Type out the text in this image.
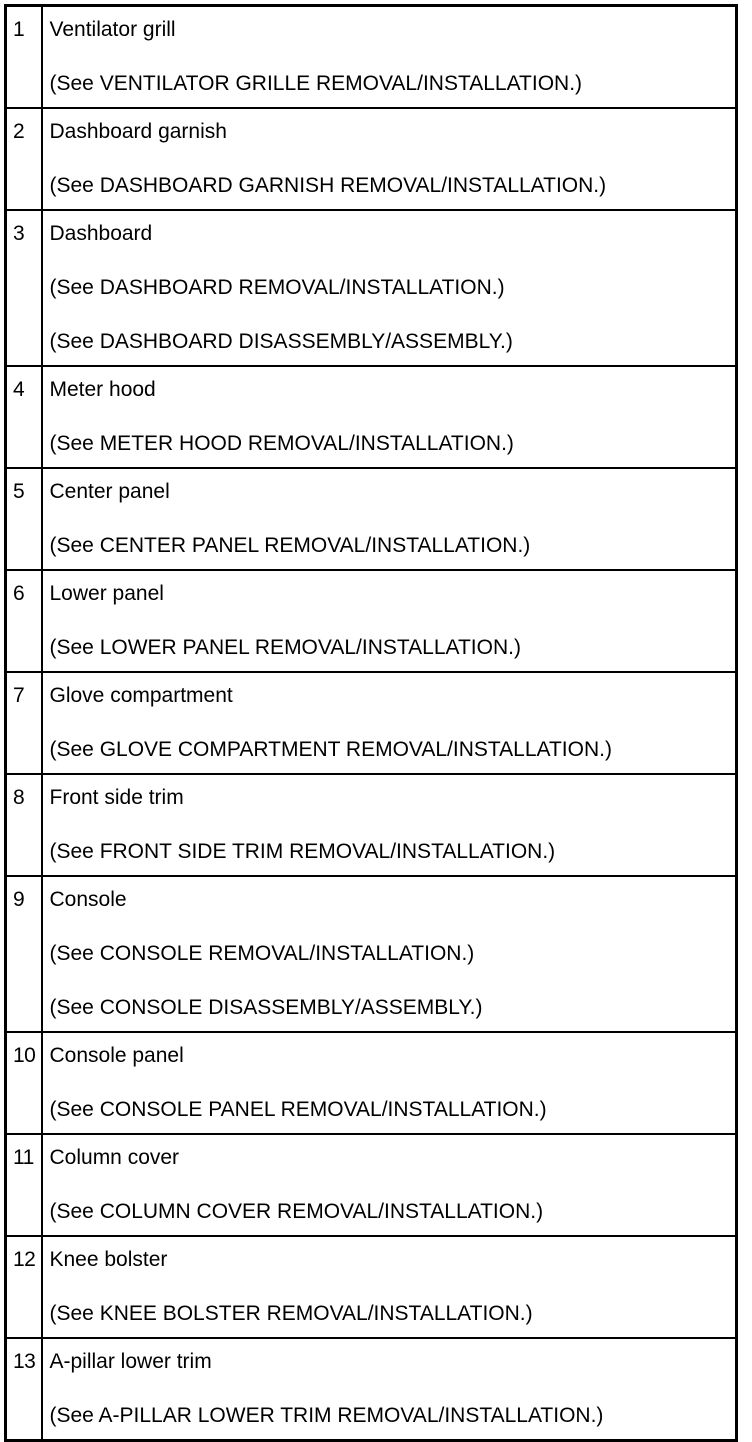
1	Ventilator grill
(See VENTILATOR GRILLE REMOVAL/INSTALLATION.)

2	Dashboard garnish
(See DASHBOARD GARNISH REMOVAL/INSTALLATION.)

3	Dashboard
(See DASHBOARD REMOVAL/INSTALLATION.)
(See DASHBOARD DISASSEMBLY/ASSEMBLY.)

4	Meter hood
(See METER HOOD REMOVAL/INSTALLATION.)

5	Center panel
(See CENTER PANEL REMOVAL/INSTALLATION.)

6	Lower panel
(See LOWER PANEL REMOVAL/INSTALLATION.)

7	Glove compartment
(See GLOVE COMPARTMENT REMOVAL/INSTALLATION.)

8	Front side trim
(See FRONT SIDE TRIM REMOVAL/INSTALLATION.)

9	Console
(See CONSOLE REMOVAL/INSTALLATION.)
(See CONSOLE DISASSEMBLY/ASSEMBLY.)

10	Console panel
(See CONSOLE PANEL REMOVAL/INSTALLATION.)

11	Column cover
(See COLUMN COVER REMOVAL/INSTALLATION.)

12	Knee bolster
(See KNEE BOLSTER REMOVAL/INSTALLATION.)

13	A-pillar lower trim
(See A-PILLAR LOWER TRIM REMOVAL/INSTALLATION.)
